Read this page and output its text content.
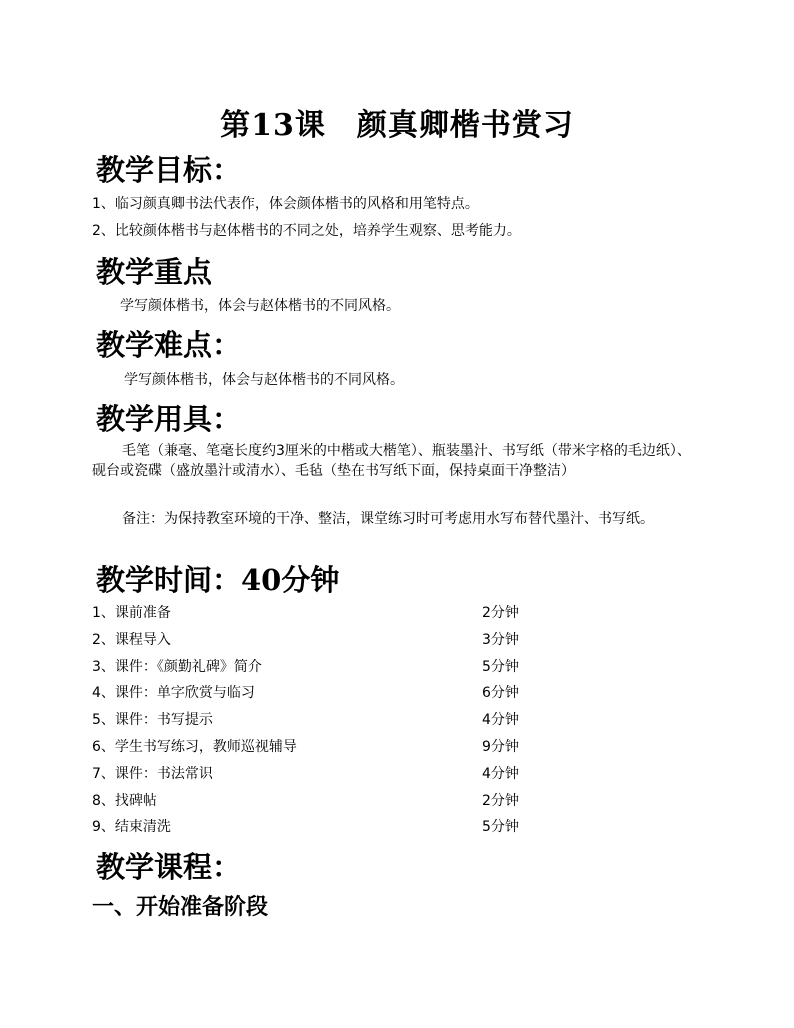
第13课　颜真卿楷书赏习
教学目标：
1、临习颜真卿书法代表作，体会颜体楷书的风格和用笔特点。
2、比较颜体楷书与赵体楷书的不同之处，培养学生观察、思考能力。
教学重点
学写颜体楷书，体会与赵体楷书的不同风格。
教学难点：
学写颜体楷书，体会与赵体楷书的不同风格。
教学用具：
毛笔（兼毫、笔毫长度约3厘米的中楷或大楷笔）、瓶装墨汁、书写纸（带米字格的毛边纸）、砚台或瓷碟（盛放墨汁或清水）、毛毡（垫在书写纸下面，保持桌面干净整洁）
备注：为保持教室环境的干净、整洁，课堂练习时可考虑用水写布替代墨汁、书写纸。
教学时间：40分钟
1、课前准备	2分钟
2、课程导入	3分钟
3、课件：《颜勤礼碑》简介	5分钟
4、课件：单字欣赏与临习	6分钟
5、课件：书写提示	4分钟
6、学生书写练习，教师巡视辅导	9分钟
7、课件：书法常识	4分钟
8、找碑帖	2分钟
9、结束清洗	5分钟
教学课程：
一、开始准备阶段
